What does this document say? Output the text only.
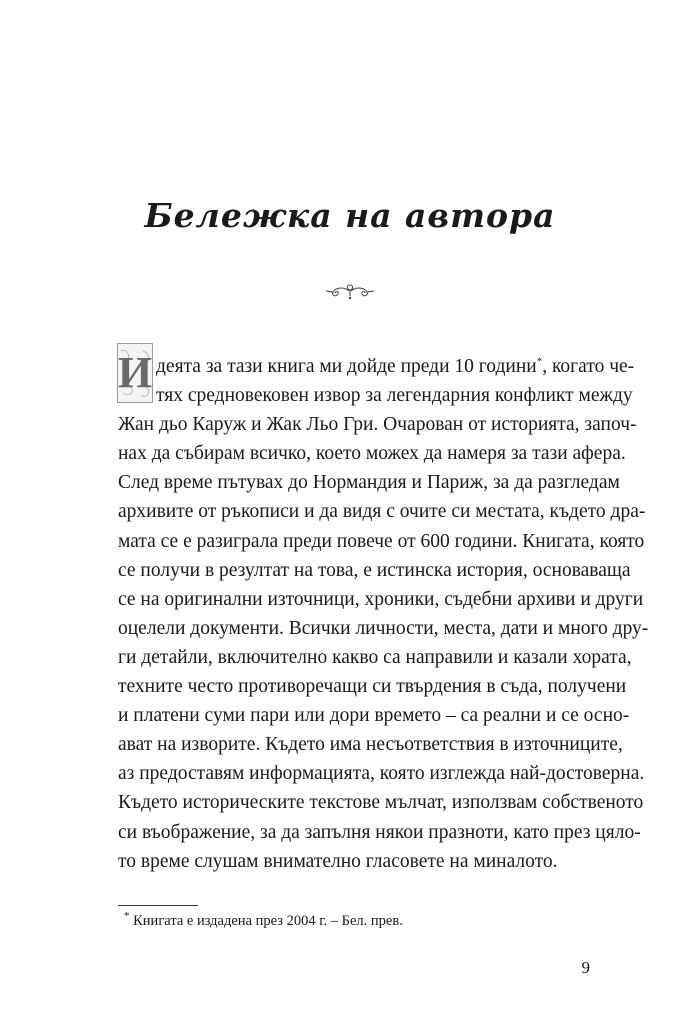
Бележка на автора
И деята за тази книга ми дойде преди 10 години*, когато че-
тях средновековен извор за легендарния конфликт между
Жан дьо Каруж и Жак Льо Гри. Очарован от историята, започ-
нах да събирам всичко, което можех да намеря за тази афера.
След време пътувах до Нормандия и Париж, за да разгледам
архивите от ръкописи и да видя с очите си местата, където дра-
мата се е разиграла преди повече от 600 години. Книгата, която
се получи в резултат на това, е истинска история, основаваща
се на оригинални източници, хроники, съдебни архиви и други
оцелели документи. Всички личности, места, дати и много дру-
ги детайли, включително какво са направили и казали хората,
техните често противоречащи си твърдения в съда, получени
и платени суми пари или дори времето – са реални и се осно-
ават на изворите. Където има несъответствия в източниците,
аз предоставям информацията, която изглежда най-достоверна.
Където историческите текстове мълчат, използвам собственото
си въображение, за да запълня някои празноти, като през цяло-
то време слушам внимателно гласовете на миналото.
* Книгата е издадена през 2004 г. – Бел. прев.
9
